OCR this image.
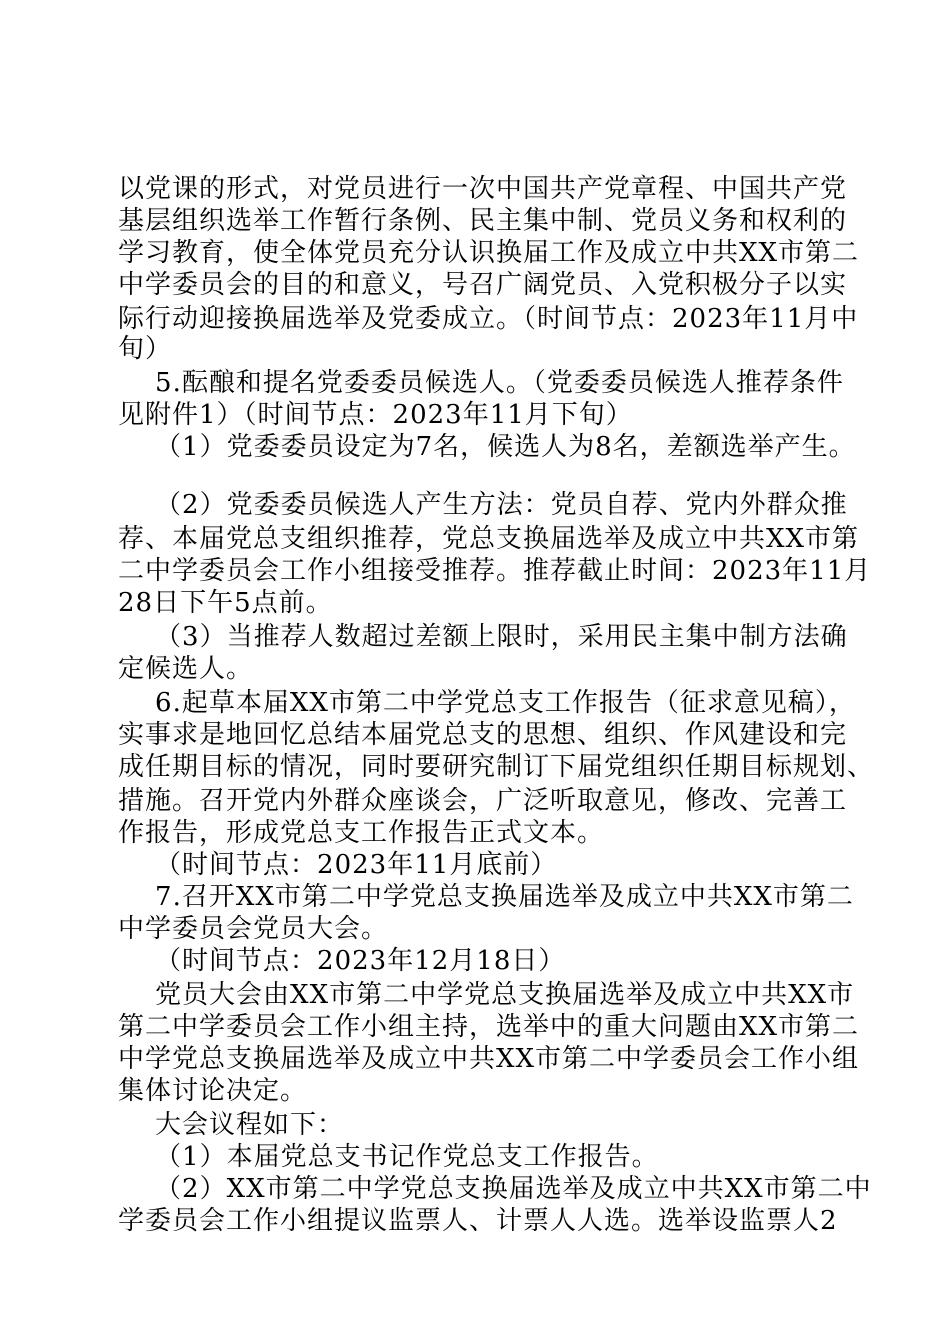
以党课的形式，对党员进行一次中国共产党章程、中国共产党
基层组织选举工作暂行条例、民主集中制、党员义务和权利的
学习教育，使全体党员充分认识换届工作及成立中共XX市第二
中学委员会的目的和意义，号召广阔党员、入党积极分子以实
际行动迎接换届选举及党委成立。（时间节点：2023年11月中
旬）
5.酝酿和提名党委委员候选人。（党委委员候选人推荐条件
见附件1）（时间节点：2023年11月下旬）
（1）党委委员设定为7名，候选人为8名，差额选举产生。
（2）党委委员候选人产生方法：党员自荐、党内外群众推
荐、本届党总支组织推荐，党总支换届选举及成立中共XX市第
二中学委员会工作小组接受推荐。推荐截止时间：2023年11月
28日下午5点前。
（3）当推荐人数超过差额上限时，采用民主集中制方法确
定候选人。
6.起草本届XX市第二中学党总支工作报告（征求意见稿），
实事求是地回忆总结本届党总支的思想、组织、作风建设和完
成任期目标的情况，同时要研究制订下届党组织任期目标规划、
措施。召开党内外群众座谈会，广泛听取意见，修改、完善工
作报告，形成党总支工作报告正式文本。
（时间节点：2023年11月底前）
7.召开XX市第二中学党总支换届选举及成立中共XX市第二
中学委员会党员大会。
（时间节点：2023年12月18日）
党员大会由XX市第二中学党总支换届选举及成立中共XX市
第二中学委员会工作小组主持，选举中的重大问题由XX市第二
中学党总支换届选举及成立中共XX市第二中学委员会工作小组
集体讨论决定。
大会议程如下：
（1）本届党总支书记作党总支工作报告。
（2）XX市第二中学党总支换届选举及成立中共XX市第二中
学委员会工作小组提议监票人、计票人人选。选举设监票人2
